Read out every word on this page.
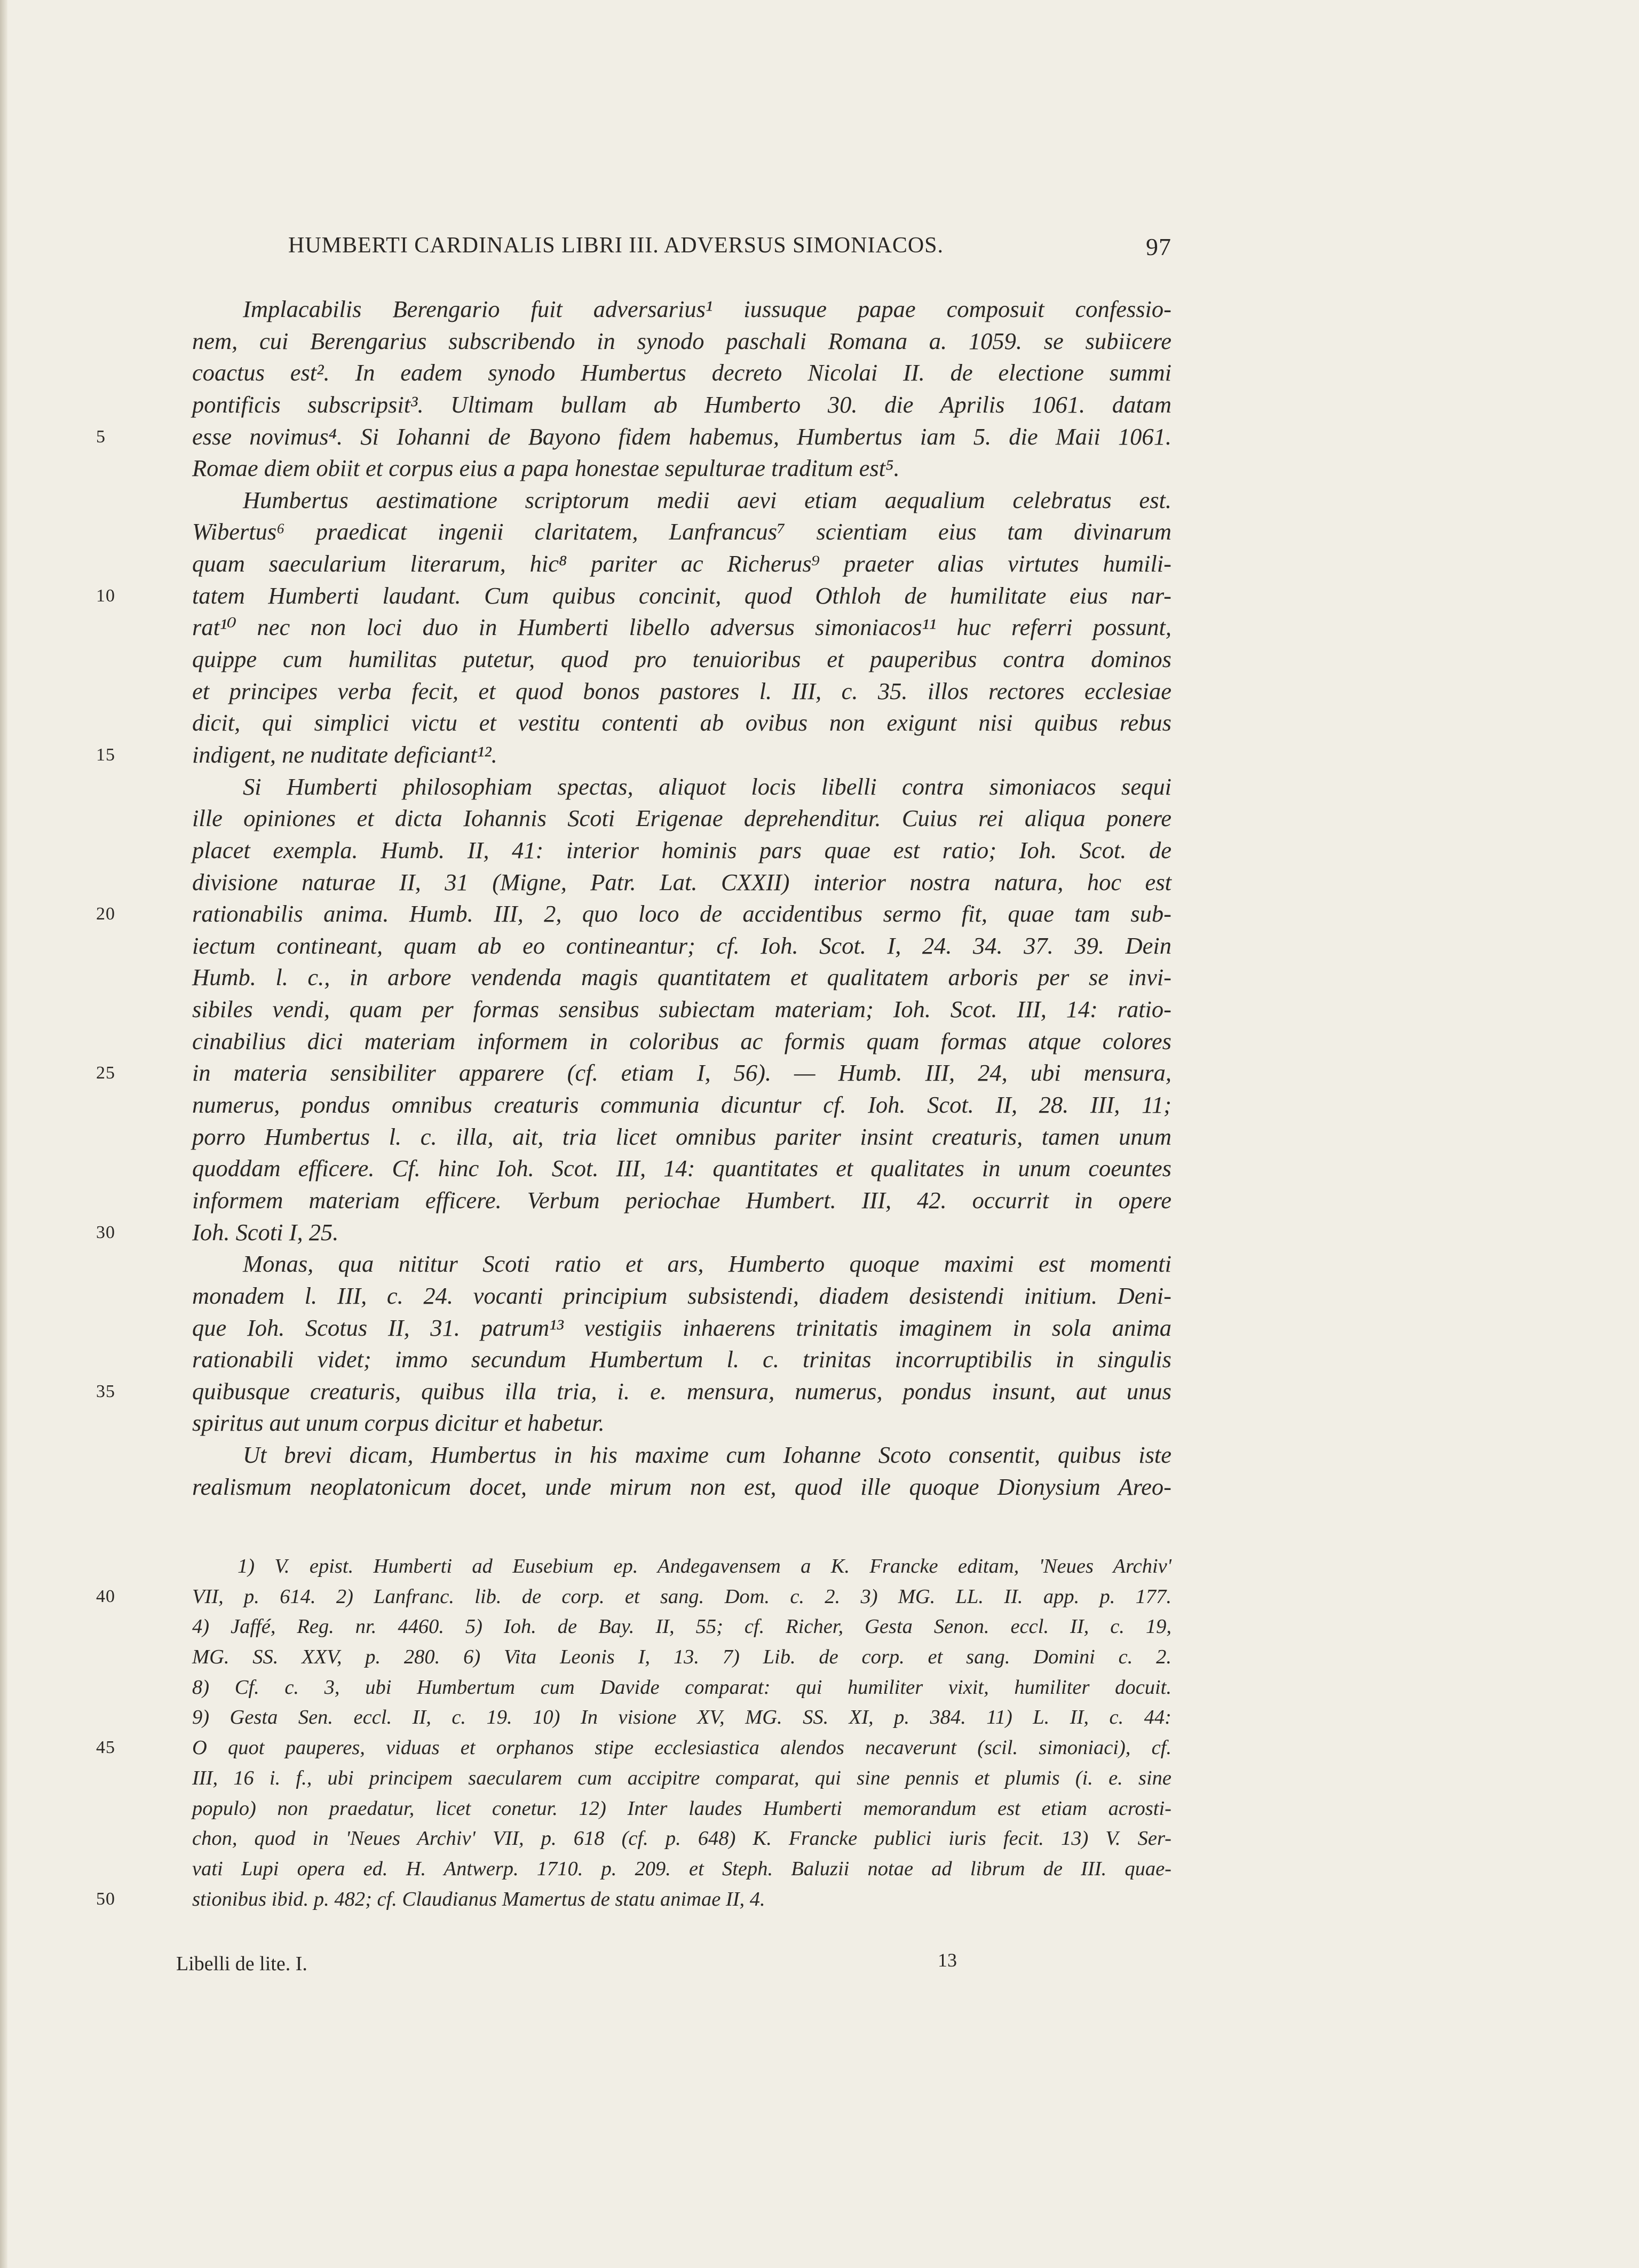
HUMBERTI CARDINALIS LIBRI III. ADVERSUS SIMONIACOS.	97
Implacabilis Berengario fuit adversarius¹ iussuque papae composuit confessio-
nem, cui Berengarius subscribendo in synodo paschali Romana a. 1059. se subiicere
coactus est². In eadem synodo Humbertus decreto Nicolai II. de electione summi
pontificis subscripsit³. Ultimam bullam ab Humberto 30. die Aprilis 1061. datam
5	esse novimus⁴. Si Iohanni de Bayono fidem habemus, Humbertus iam 5. die Maii 1061.
Romae diem obiit et corpus eius a papa honestae sepulturae traditum est⁵.
Humbertus aestimatione scriptorum medii aevi etiam aequalium celebratus est.
Wibertus⁶ praedicat ingenii claritatem, Lanfrancus⁷ scientiam eius tam divinarum
quam saecularium literarum, hic⁸ pariter ac Richerus⁹ praeter alias virtutes humili-
10	tatem Humberti laudant. Cum quibus concinit, quod Othloh de humilitate eius nar-
rat¹⁰ nec non loci duo in Humberti libello adversus simoniacos¹¹ huc referri possunt,
quippe cum humilitas putetur, quod pro tenuioribus et pauperibus contra dominos
et principes verba fecit, et quod bonos pastores l. III, c. 35. illos rectores ecclesiae
dicit, qui simplici victu et vestitu contenti ab ovibus non exigunt nisi quibus rebus
15	indigent, ne nuditate deficiant¹².
Si Humberti philosophiam spectas, aliquot locis libelli contra simoniacos sequi
ille opiniones et dicta Iohannis Scoti Erigenae deprehenditur. Cuius rei aliqua ponere
placet exempla. Humb. II, 41: interior hominis pars quae est ratio; Ioh. Scot. de
divisione naturae II, 31 (Migne, Patr. Lat. CXXII) interior nostra natura, hoc est
20	rationabilis anima. Humb. III, 2, quo loco de accidentibus sermo fit, quae tam sub-
iectum contineant, quam ab eo contineantur; cf. Ioh. Scot. I, 24. 34. 37. 39. Dein
Humb. l. c., in arbore vendenda magis quantitatem et qualitatem arboris per se invi-
sibiles vendi, quam per formas sensibus subiectam materiam; Ioh. Scot. III, 14: ratio-
cinabilius dici materiam informem in coloribus ac formis quam formas atque colores
25	in materia sensibiliter apparere (cf. etiam I, 56). — Humb. III, 24, ubi mensura,
numerus, pondus omnibus creaturis communia dicuntur cf. Ioh. Scot. II, 28. III, 11;
porro Humbertus l. c. illa, ait, tria licet omnibus pariter insint creaturis, tamen unum
quoddam efficere. Cf. hinc Ioh. Scot. III, 14: quantitates et qualitates in unum coeuntes
informem materiam efficere. Verbum periochae Humbert. III, 42. occurrit in opere
30	Ioh. Scoti I, 25.
Monas, qua nititur Scoti ratio et ars, Humberto quoque maximi est momenti
monadem l. III, c. 24. vocanti principium subsistendi, diadem desistendi initium. Deni-
que Ioh. Scotus II, 31. patrum¹³ vestigiis inhaerens trinitatis imaginem in sola anima
rationabili videt; immo secundum Humbertum l. c. trinitas incorruptibilis in singulis
35	quibusque creaturis, quibus illa tria, i. e. mensura, numerus, pondus insunt, aut unus
spiritus aut unum corpus dicitur et habetur.
Ut brevi dicam, Humbertus in his maxime cum Iohanne Scoto consentit, quibus iste
realismum neoplatonicum docet, unde mirum non est, quod ille quoque Dionysium Areo-
1) V. epist. Humberti ad Eusebium ep. Andegavensem a K. Francke editam, 'Neues Archiv'
40	VII, p. 614. 2) Lanfranc. lib. de corp. et sang. Dom. c. 2. 3) MG. LL. II. app. p. 177.
4) Jaffé, Reg. nr. 4460. 5) Ioh. de Bay. II, 55; cf. Richer, Gesta Senon. eccl. II, c. 19,
MG. SS. XXV, p. 280. 6) Vita Leonis I, 13. 7) Lib. de corp. et sang. Domini c. 2.
8) Cf. c. 3, ubi Humbertum cum Davide comparat: qui humiliter vixit, humiliter docuit.
9) Gesta Sen. eccl. II, c. 19. 10) In visione XV, MG. SS. XI, p. 384. 11) L. II, c. 44:
45	O quot pauperes, viduas et orphanos stipe ecclesiastica alendos necaverunt (scil. simoniaci), cf.
III, 16 i. f., ubi principem saecularem cum accipitre comparat, qui sine pennis et plumis (i. e. sine
populo) non praedatur, licet conetur. 12) Inter laudes Humberti memorandum est etiam acrosti-
chon, quod in 'Neues Archiv' VII, p. 618 (cf. p. 648) K. Francke publici iuris fecit. 13) V. Ser-
vati Lupi opera ed. H. Antwerp. 1710. p. 209. et Steph. Baluzii notae ad librum de III. quae-
50	stionibus ibid. p. 482; cf. Claudianus Mamertus de statu animae II, 4.
Libelli de lite. I.	13
